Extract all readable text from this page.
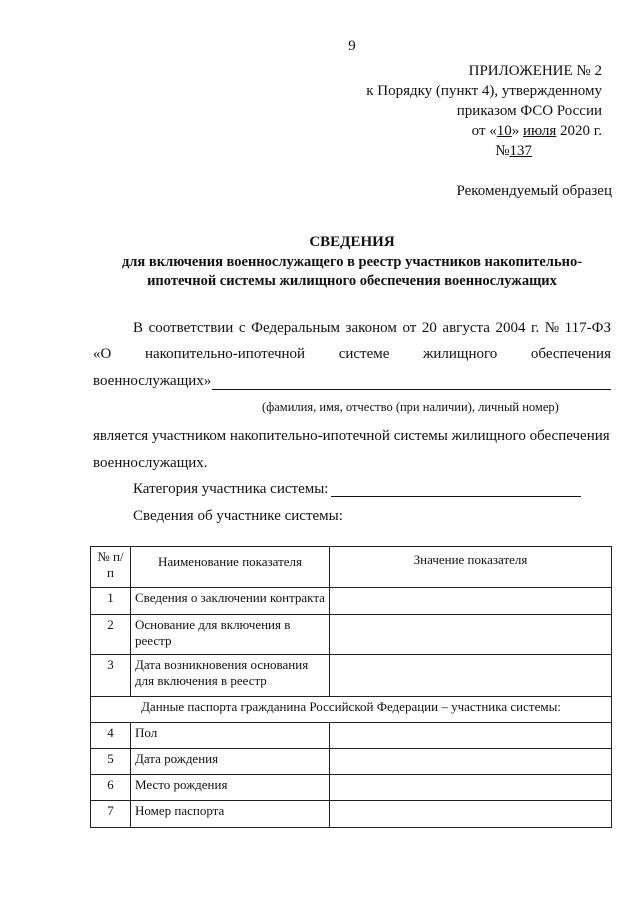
9
ПРИЛОЖЕНИЕ № 2
к Порядку (пункт 4), утвержденному
приказом ФСО России
от «10» июля 2020 г.
№137
Рекомендуемый образец
СВЕДЕНИЯ
для включения военнослужащего в реестр участников накопительно-ипотечной системы жилищного обеспечения военнослужащих
В соответствии с Федеральным законом от 20 августа 2004 г. № 117-ФЗ
«О накопительно-ипотечной системе жилищного обеспечения
военнослужащих»
(фамилия, имя, отчество (при наличии), личный номер)
является участником накопительно-ипотечной системы жилищного обеспечения
военнослужащих.
Категория участника системы:
Сведения об участнике системы:
№ п/п	Наименование показателя	Значение показателя
1	Сведения о заключении контракта	
2	Основание для включения в реестр	
3	Дата возникновения основания для включения в реестр	
Данные паспорта гражданина Российской Федерации – участника системы:		
4	Пол	
5	Дата рождения	
6	Место рождения	
7	Номер паспорта	
